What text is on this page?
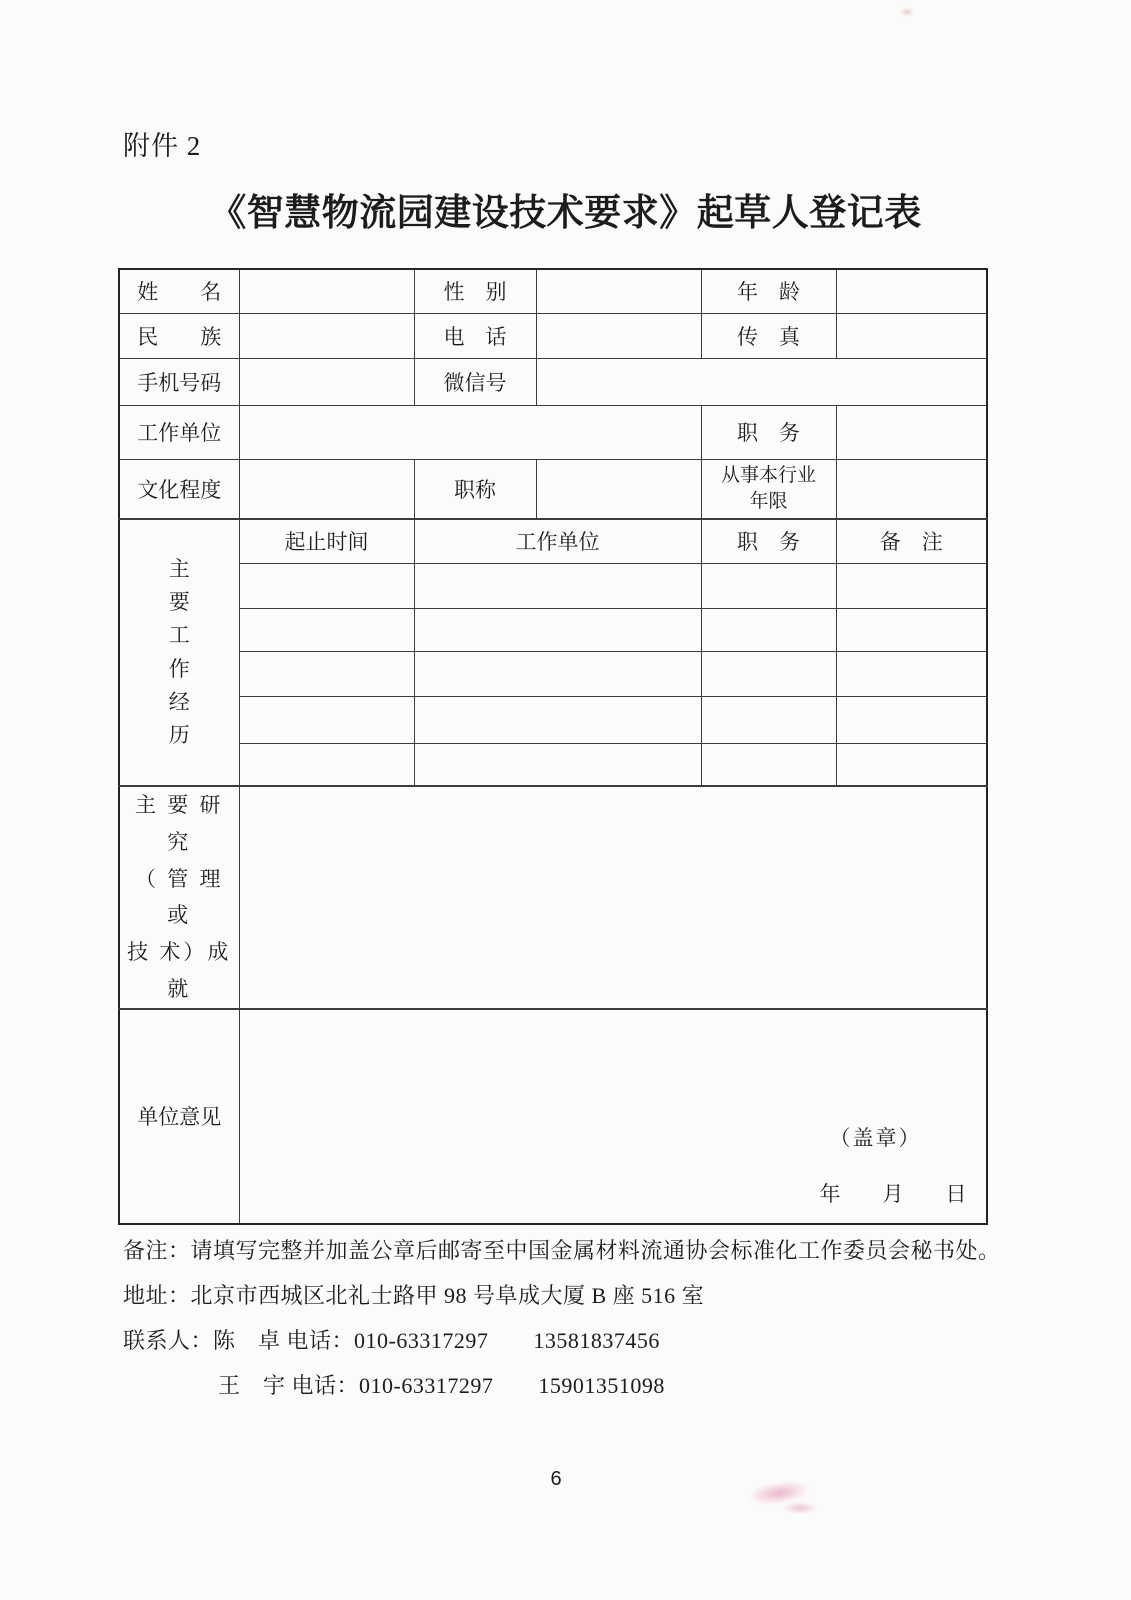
附件 2
《智慧物流园建设技术要求》起草人登记表
姓　　名		性　别		年　龄	
民　　族		电　话		传　真	
手机号码		微信号			
工作单位				职　务	
文化程度		职称		从事本行业
年限	

主要工作经历	起止时间	工作单位		职　务	备　注

主 要 研 究
（ 管 理 或
技 术）成 就					

单位意见	（盖章）
年　　月　　日				
备注：请填写完整并加盖公章后邮寄至中国金属材料流通协会标准化工作委员会秘书处。
地址：北京市西城区北礼士路甲 98 号阜成大厦 B 座 516 室
联系人：陈　卓 电话：010-63317297　　13581837456
王　宇 电话：010-63317297　　15901351098
6
